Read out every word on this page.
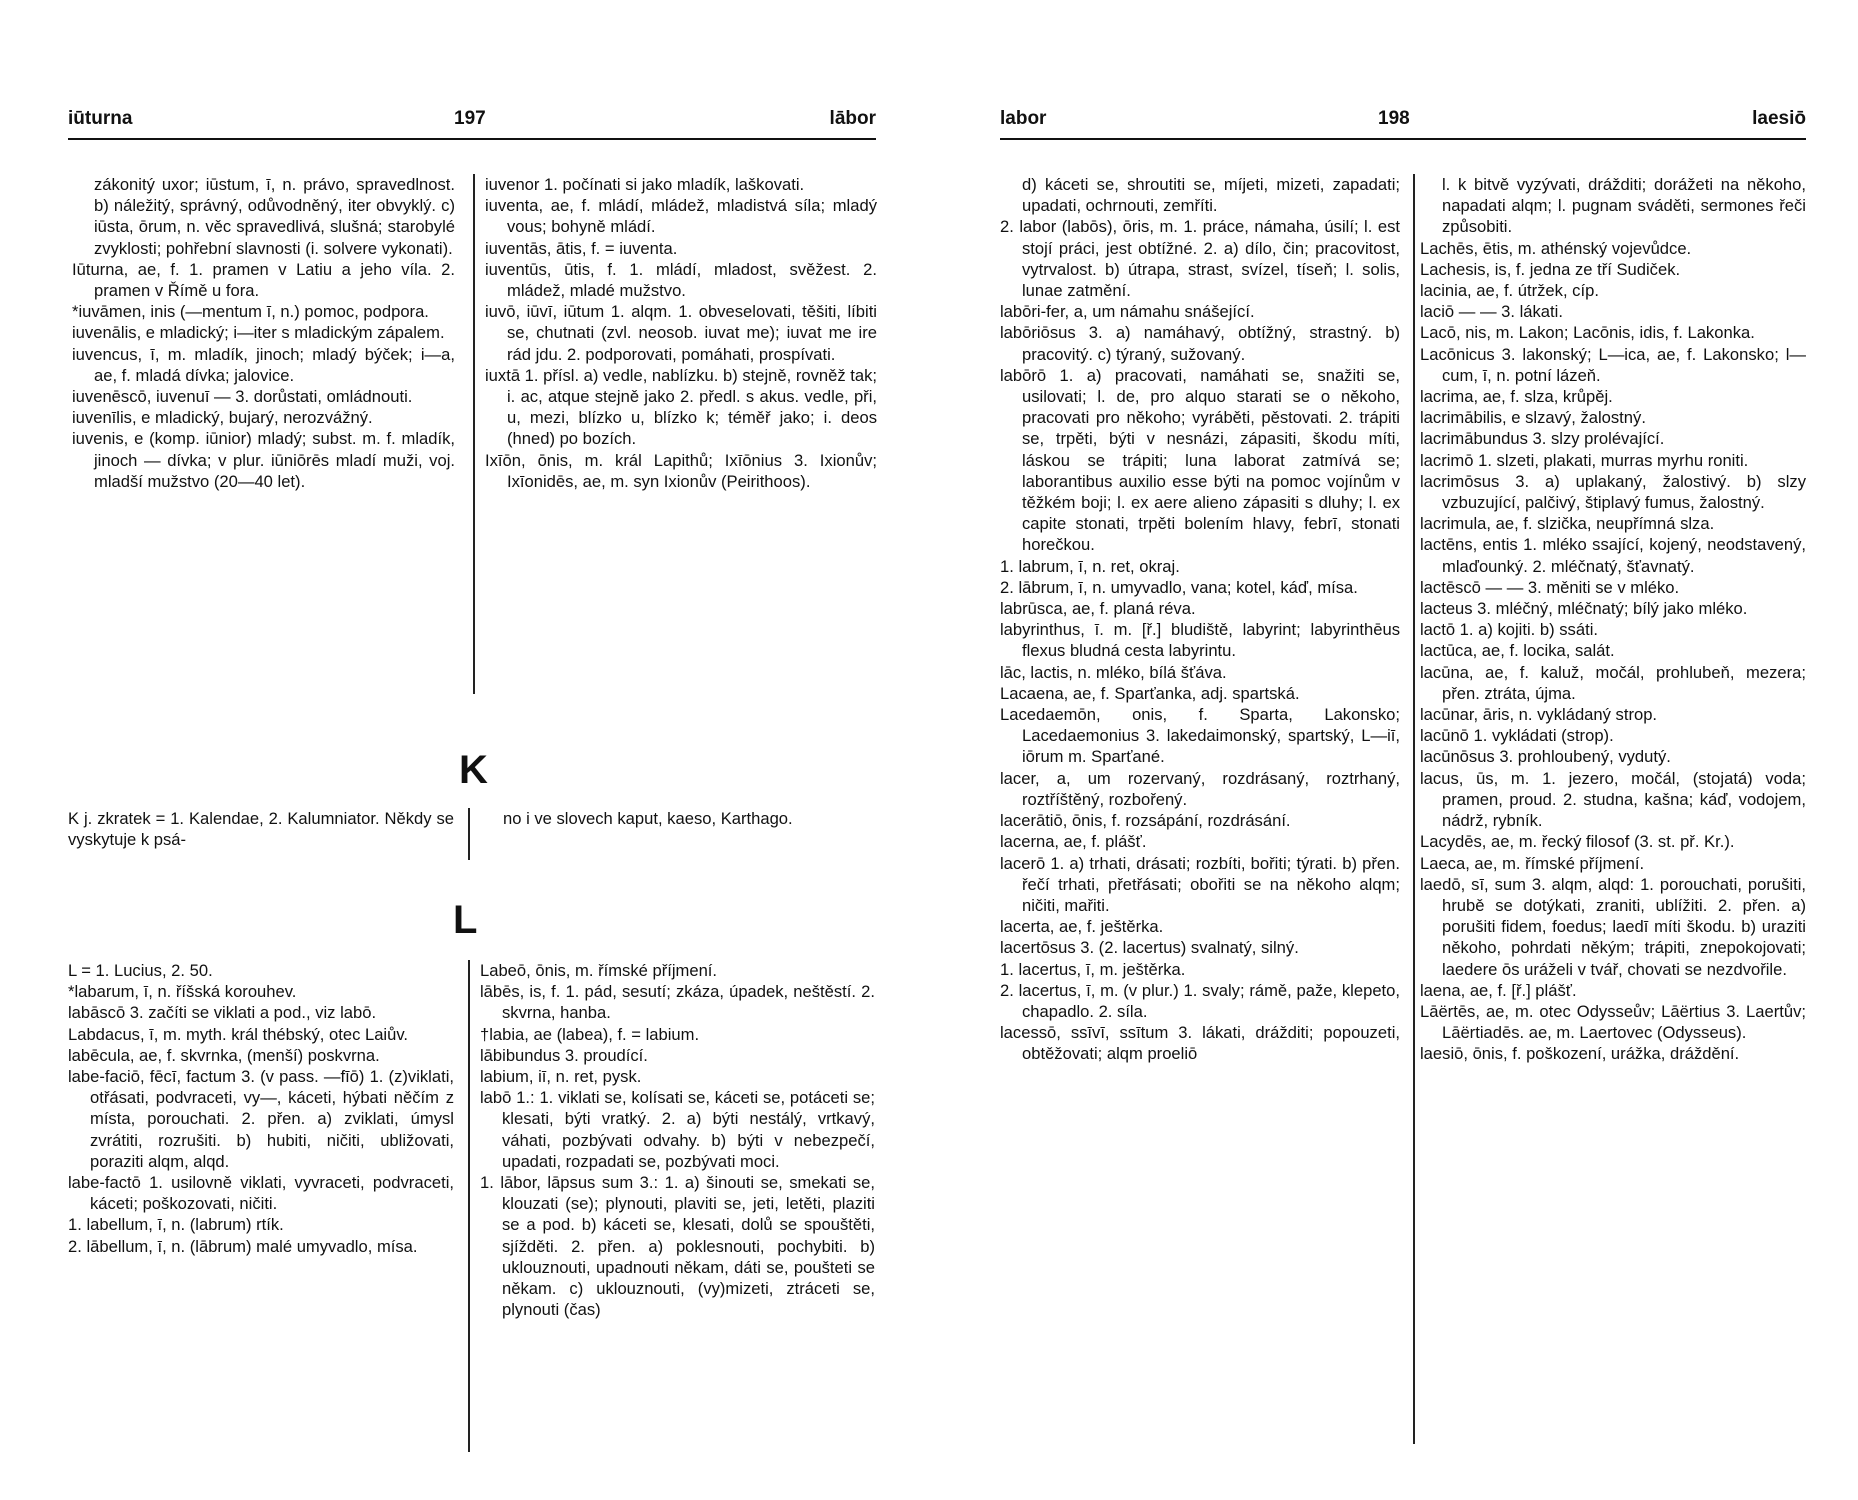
iūturna	197	lābor

zákonitý uxor; iūstum, ī, n. právo, spravedlnost. b) náležitý, správný, odůvodněný, iter obvyklý. c) iūsta, ōrum, n. věc spravedlivá, slušná; starobylé zvyklosti; pohřební slavnosti (i. solvere vykonati).

Iūturna, ae, f. 1. pramen v Latiu a jeho víla. 2. pramen v Římě u fora.

*iuvāmen, inis (—mentum ī, n.) pomoc, podpora.

iuvenālis, e mladický; i—iter s mladickým zápalem.

iuvencus, ī, m. mladík, jinoch; mladý býček; i—a, ae, f. mladá dívka; jalovice.

iuvenēscō, iuvenuī — 3. dorůstati, omládnouti.

iuvenīlis, e mladický, bujarý, nerozvážný.

iuvenis, e (komp. iūnior) mladý; subst. m. f. mladík, jinoch — dívka; v plur. iūniōrēs mladí muži, voj. mladší mužstvo (20—40 let).

iuvenor 1. počínati si jako mladík, laškovati.

iuventa, ae, f. mládí, mládež, mladistvá síla; mladý vous; bohyně mládí.

iuventās, ātis, f. = iuventa.

iuventūs, ūtis, f. 1. mládí, mladost, svěžest. 2. mládež, mladé mužstvo.

iuvō, iūvī, iūtum 1. alqm. 1. obveselovati, těšiti, líbiti se, chutnati (zvl. neosob. iuvat me); iuvat me ire rád jdu. 2. podporovati, pomáhati, prospívati.

iuxtā 1. přísl. a) vedle, nablízku. b) stejně, rovněž tak; i. ac, atque stejně jako 2. předl. s akus. vedle, při, u, mezi, blízko u, blízko k; téměř jako; i. deos (hned) po bozích.

Ixīōn, ōnis, m. král Lapithů; Ixīōnius 3. Ixionův; Ixīonidēs, ae, m. syn Ixionův (Peirithoos).

K

K j. zkratek = 1. Kalendae, 2. Kalumniator. Někdy se vyskytuje k psá-

no i ve slovech kaput, kaeso, Karthago.

L

L = 1. Lucius, 2. 50.

*labarum, ī, n. říšská korouhev.

labāscō 3. začíti se viklati a pod., viz labō.

Labdacus, ī, m. myth. král thébský, otec Laiův.

labēcula, ae, f. skvrnka, (menší) poskvrna.

labe-faciō, fēcī, factum 3. (v pass. —fīō) 1. (z)viklati, otřásati, podvraceti, vy—, káceti, hýbati něčím z místa, porouchati. 2. přen. a) zviklati, úmysl zvrátiti, rozrušiti. b) hubiti, ničiti, ubližovati, poraziti alqm, alqd.

labe-factō 1. usilovně viklati, vyvraceti, podvraceti, káceti; poškozovati, ničiti.

1. labellum, ī, n. (labrum) rtík.

2. lābellum, ī, n. (lābrum) malé umyvadlo, mísa.

Labeō, ōnis, m. římské příjmení.

lābēs, is, f. 1. pád, sesutí; zkáza, úpadek, neštěstí. 2. skvrna, hanba.

†labia, ae (labea), f. = labium.

lābibundus 3. proudící.

labium, iī, n. ret, pysk.

labō 1.: 1. viklati se, kolísati se, káceti se, potáceti se; klesati, býti vratký. 2. a) býti nestálý, vrtkavý, váhati, pozbývati odvahy. b) býti v nebezpečí, upadati, rozpadati se, pozbývati moci.

1. lābor, lāpsus sum 3.: 1. a) šinouti se, smekati se, klouzati (se); plynouti, plaviti se, jeti, letěti, plaziti se a pod. b) káceti se, klesati, dolů se spouštěti, sjížděti. 2. přen. a) poklesnouti, pochybiti. b) uklouznouti, upadnouti někam, dáti se, poušteti se někam. c) uklouznouti, (vy)mizeti, ztráceti se, plynouti (čas)

labor	198	laesiō

d) káceti se, shroutiti se, míjeti, mizeti, zapadati; upadati, ochrnouti, zemříti.

2. labor (labōs), ōris, m. 1. práce, námaha, úsilí; l. est stojí práci, jest obtížné. 2. a) dílo, čin; pracovitost, vytrvalost. b) útrapa, strast, svízel, tíseň; l. solis, lunae zatmění.

labōri-fer, a, um námahu snášející.

labōriōsus 3. a) namáhavý, obtížný, strastný. b) pracovitý. c) týraný, sužovaný.

labōrō 1. a) pracovati, namáhati se, snažiti se, usilovati; l. de, pro alquo starati se o někoho, pracovati pro někoho; vyráběti, pěstovati. 2. trápiti se, trpěti, býti v nesnázi, zápasiti, škodu míti, láskou se trápiti; luna laborat zatmívá se; laborantibus auxilio esse býti na pomoc vojínům v těžkém boji; l. ex aere alieno zápasiti s dluhy; l. ex capite stonati, trpěti bolením hlavy, febrī, stonati horečkou.

1. labrum, ī, n. ret, okraj.

2. lābrum, ī, n. umyvadlo, vana; kotel, káď, mísa.

labrūsca, ae, f. planá réva.

labyrinthus, ī. m. [ř.] bludiště, labyrint; labyrinthēus flexus bludná cesta labyrintu.

lāc, lactis, n. mléko, bílá šťáva.

Lacaena, ae, f. Sparťanka, adj. spartská.

Lacedaemōn, onis, f. Sparta, Lakonsko; Lacedaemonius 3. lakedaimonský, spartský, L—iī, iōrum m. Sparťané.

lacer, a, um rozervaný, rozdrásaný, roztrhaný, roztříštěný, rozbořený.

lacerātiō, ōnis, f. rozsápání, rozdrásání.

lacerna, ae, f. plášť.

lacerō 1. a) trhati, drásati; rozbíti, bořiti; týrati. b) přen. řečí trhati, přetřásati; obořiti se na někoho alqm; ničiti, mařiti.

lacerta, ae, f. ještěrka.

lacertōsus 3. (2. lacertus) svalnatý, silný.

1. lacertus, ī, m. ještěrka.

2. lacertus, ī, m. (v plur.) 1. svaly; rámě, paže, klepeto, chapadlo. 2. síla.

lacessō, ssīvī, ssītum 3. lákati, drážditi; popouzeti, obtěžovati; alqm proeliō

l. k bitvě vyzývati, drážditi; dorážeti na někoho, napadati alqm; l. pugnam sváděti, sermones řeči způsobiti.

Lachēs, ētis, m. athénský vojevůdce.

Lachesis, is, f. jedna ze tří Sudiček.

lacinia, ae, f. útržek, cíp.

laciō — — 3. lákati.

Lacō, nis, m. Lakon; Lacōnis, idis, f. Lakonka.

Lacōnicus 3. lakonský; L—ica, ae, f. Lakonsko; l—cum, ī, n. potní lázeň.

lacrima, ae, f. slza, krůpěj.

lacrimābilis, e slzavý, žalostný.

lacrimābundus 3. slzy prolévající.

lacrimō 1. slzeti, plakati, murras myrhu roniti.

lacrimōsus 3. a) uplakaný, žalostivý. b) slzy vzbuzující, palčivý, štiplavý fumus, žalostný.

lacrimula, ae, f. slzička, neupřímná slza.

lactēns, entis 1. mléko ssající, kojený, neodstavený, mlaďounký. 2. mléčnatý, šťavnatý.

lactēscō — — 3. měniti se v mléko.

lacteus 3. mléčný, mléčnatý; bílý jako mléko.

lactō 1. a) kojiti. b) ssáti.

lactūca, ae, f. locika, salát.

lacūna, ae, f. kaluž, močál, prohlubeň, mezera; přen. ztráta, újma.

lacūnar, āris, n. vykládaný strop.

lacūnō 1. vykládati (strop).

lacūnōsus 3. prohloubený, vydutý.

lacus, ūs, m. 1. jezero, močál, (stojatá) voda; pramen, proud. 2. studna, kašna; káď, vodojem, nádrž, rybník.

Lacydēs, ae, m. řecký filosof (3. st. př. Kr.).

Laeca, ae, m. římské příjmení.

laedō, sī, sum 3. alqm, alqd: 1. porouchati, porušiti, hrubě se dotýkati, zraniti, ublížiti. 2. přen. a) porušiti fidem, foedus; laedī míti škodu. b) uraziti někoho, pohrdati někým; trápiti, znepokojovati; laedere ōs uráželi v tvář, chovati se nezdvořile.

laena, ae, f. [ř.] plášť.

Lāërtēs, ae, m. otec Odysseův; Lāërtius 3. Laertův; Lāërtiadēs. ae, m. Laertovec (Odysseus).

laesiō, ōnis, f. poškození, urážka, dráždění.
